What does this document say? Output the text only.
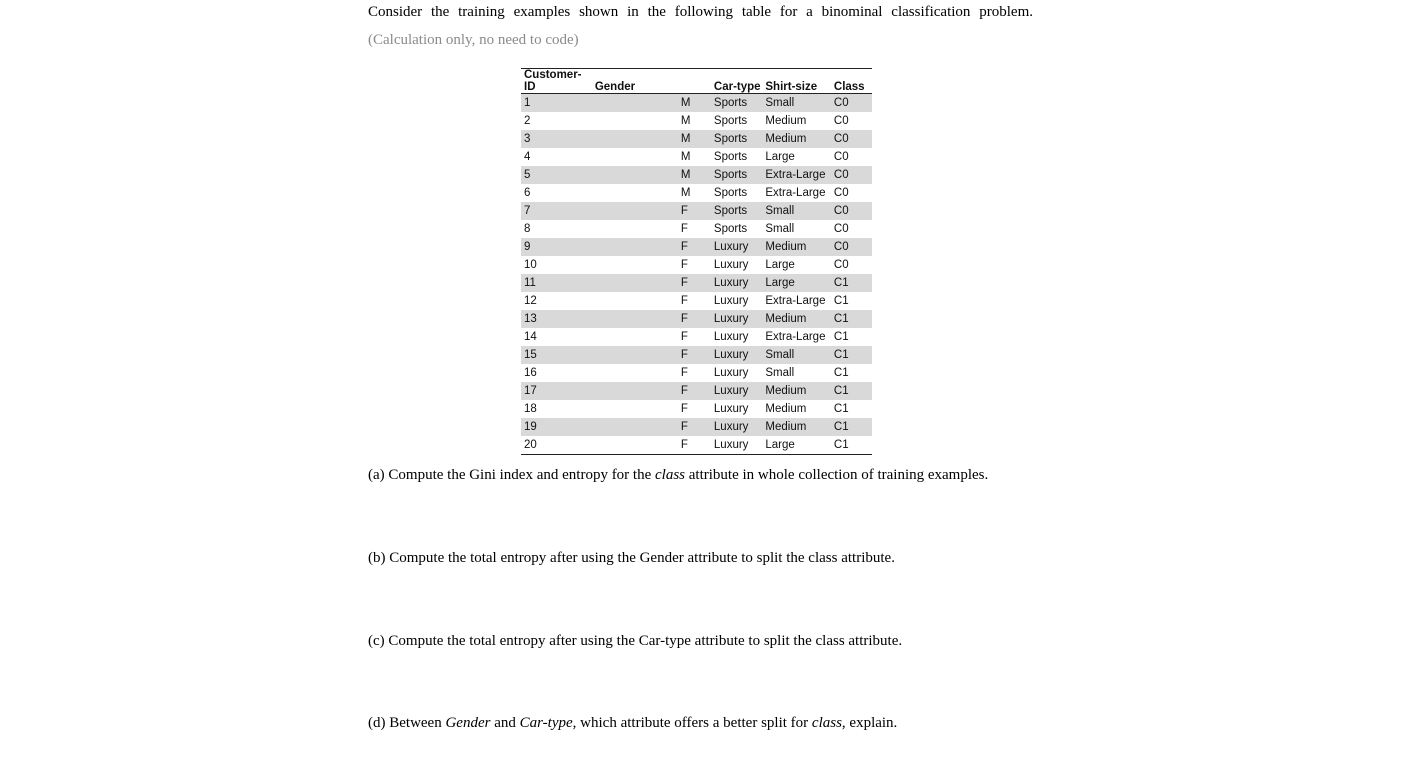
Consider the training examples shown in the following table for a binominal classification problem.
(Calculation only, no need to code)
Customer-ID	Gender	Car-type	Shirt-size	Class
1	M	Sports	Small	C0
2	M	Sports	Medium	C0
3	M	Sports	Medium	C0
4	M	Sports	Large	C0
5	M	Sports	Extra-Large	C0
6	M	Sports	Extra-Large	C0
7	F	Sports	Small	C0
8	F	Sports	Small	C0
9	F	Luxury	Medium	C0
10	F	Luxury	Large	C0
11	F	Luxury	Large	C1
12	F	Luxury	Extra-Large	C1
13	F	Luxury	Medium	C1
14	F	Luxury	Extra-Large	C1
15	F	Luxury	Small	C1
16	F	Luxury	Small	C1
17	F	Luxury	Medium	C1
18	F	Luxury	Medium	C1
19	F	Luxury	Medium	C1
20	F	Luxury	Large	C1
(a) Compute the Gini index and entropy for the class attribute in whole collection of training examples.
(b) Compute the total entropy after using the Gender attribute to split the class attribute.
(c) Compute the total entropy after using the Car-type attribute to split the class attribute.
(d) Between Gender and Car-type, which attribute offers a better split for class, explain.
